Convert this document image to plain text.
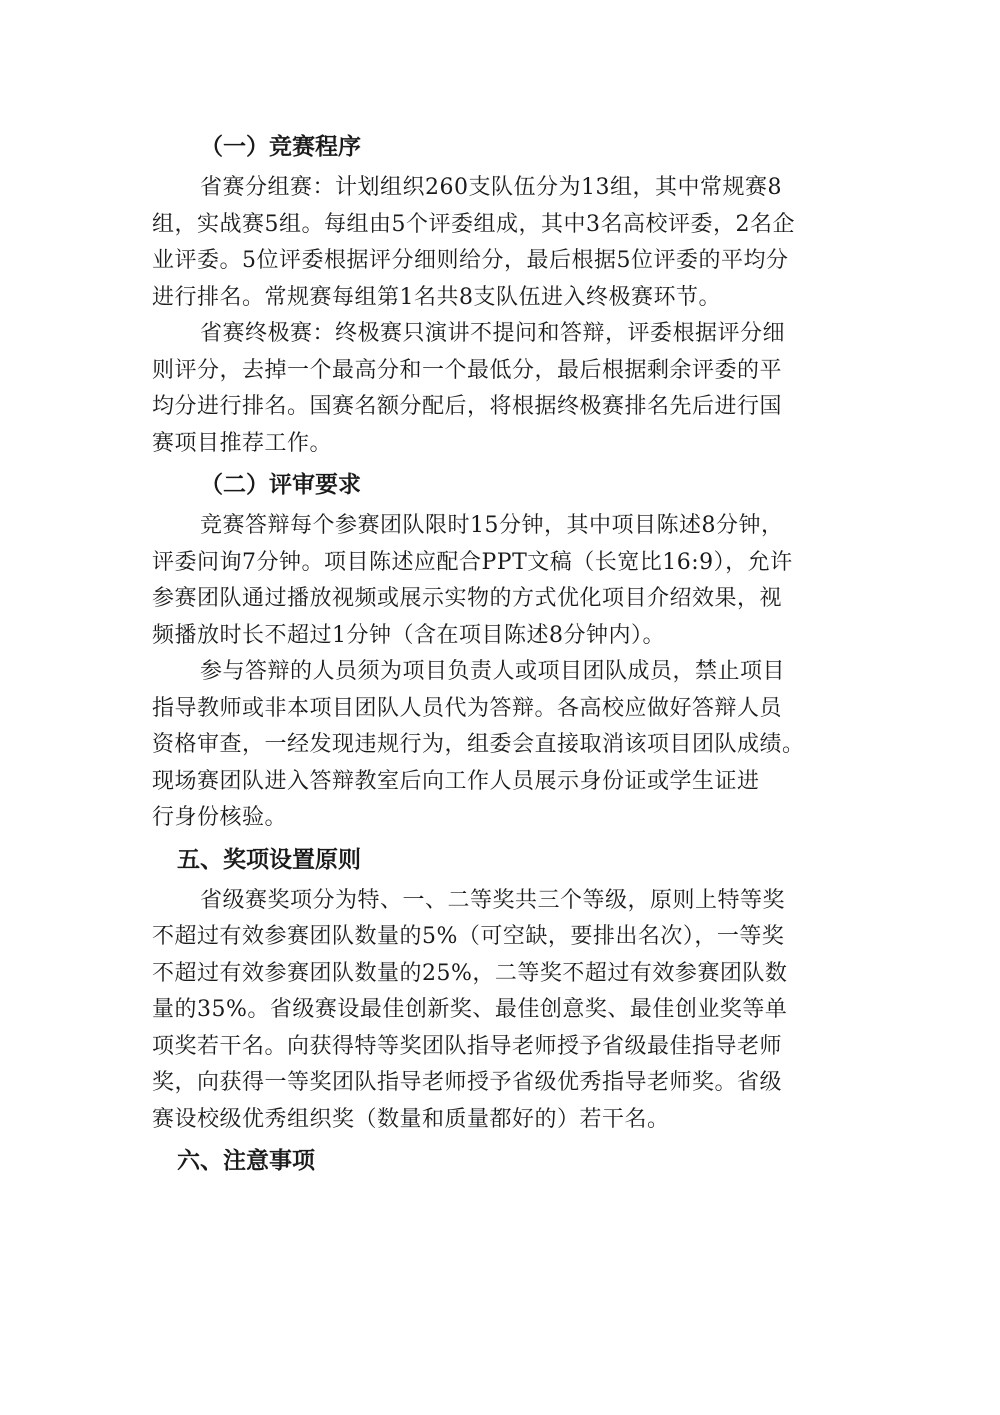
（一）竞赛程序

省赛分组赛：计划组织260支队伍分为13组，其中常规赛8
组，实战赛5组。每组由5个评委组成，其中3名高校评委，2名企
业评委。5位评委根据评分细则给分，最后根据5位评委的平均分
进行排名。常规赛每组第1名共8支队伍进入终极赛环节。

省赛终极赛：终极赛只演讲不提问和答辩，评委根据评分细
则评分，去掉一个最高分和一个最低分，最后根据剩余评委的平
均分进行排名。国赛名额分配后，将根据终极赛排名先后进行国
赛项目推荐工作。

（二）评审要求

竞赛答辩每个参赛团队限时15分钟，其中项目陈述8分钟，
评委问询7分钟。项目陈述应配合PPT文稿（长宽比16:9），允许
参赛团队通过播放视频或展示实物的方式优化项目介绍效果，视
频播放时长不超过1分钟（含在项目陈述8分钟内）。

参与答辩的人员须为项目负责人或项目团队成员，禁止项目
指导教师或非本项目团队人员代为答辩。各高校应做好答辩人员
资格审查，一经发现违规行为，组委会直接取消该项目团队成绩。
现场赛团队进入答辩教室后向工作人员展示身份证或学生证进
行身份核验。

五、奖项设置原则

省级赛奖项分为特、一、二等奖共三个等级，原则上特等奖
不超过有效参赛团队数量的5%（可空缺，要排出名次），一等奖
不超过有效参赛团队数量的25%，二等奖不超过有效参赛团队数
量的35%。省级赛设最佳创新奖、最佳创意奖、最佳创业奖等单
项奖若干名。向获得特等奖团队指导老师授予省级最佳指导老师
奖，向获得一等奖团队指导老师授予省级优秀指导老师奖。省级
赛设校级优秀组织奖（数量和质量都好的）若干名。

六、注意事项
